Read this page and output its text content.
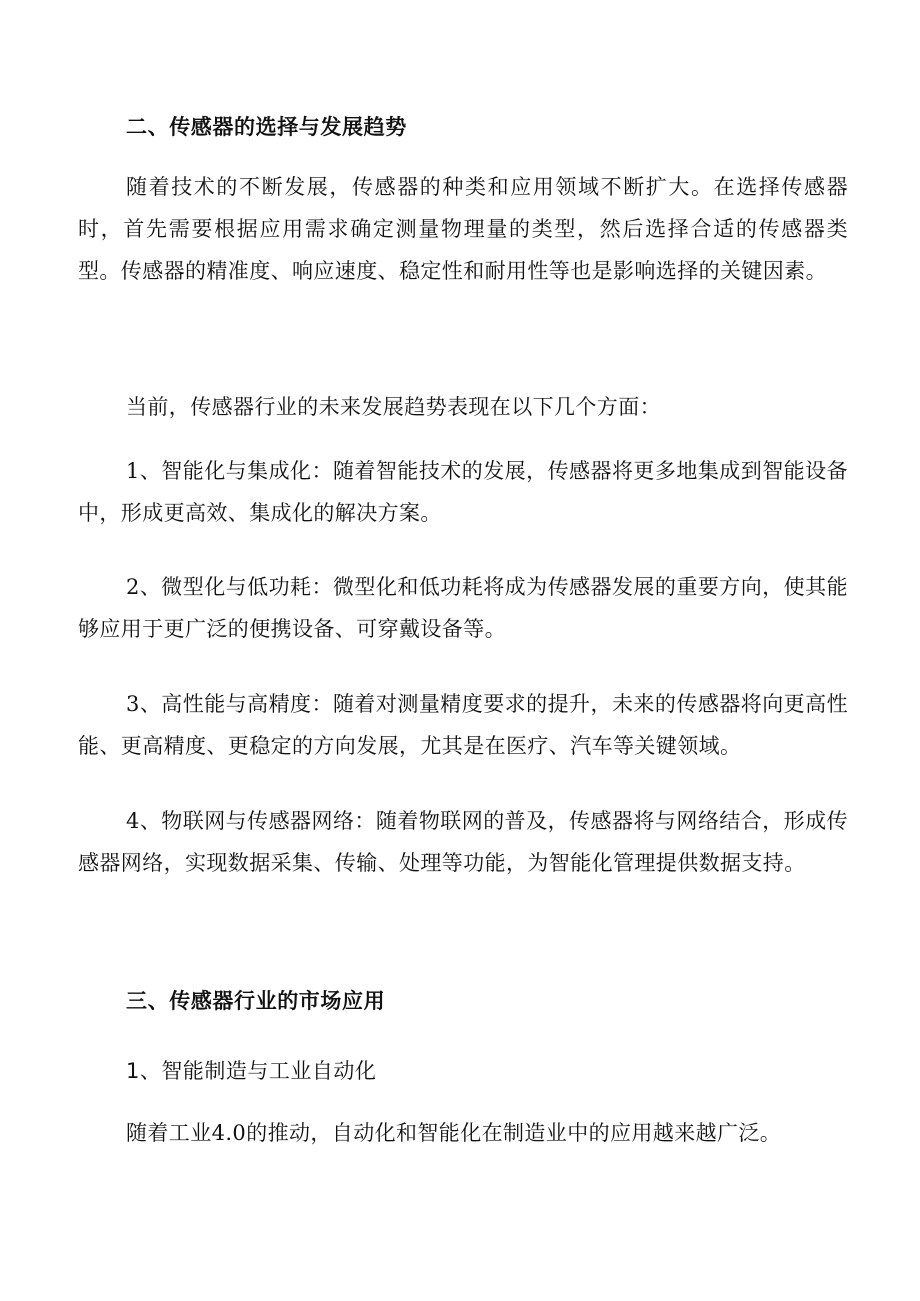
二、传感器的选择与发展趋势

随着技术的不断发展，传感器的种类和应用领域不断扩大。在选择传感器时，首先需要根据应用需求确定测量物理量的类型，然后选择合适的传感器类型。传感器的精准度、响应速度、稳定性和耐用性等也是影响选择的关键因素。

当前，传感器行业的未来发展趋势表现在以下几个方面：

1、智能化与集成化：随着智能技术的发展，传感器将更多地集成到智能设备中，形成更高效、集成化的解决方案。

2、微型化与低功耗：微型化和低功耗将成为传感器发展的重要方向，使其能够应用于更广泛的便携设备、可穿戴设备等。

3、高性能与高精度：随着对测量精度要求的提升，未来的传感器将向更高性能、更高精度、更稳定的方向发展，尤其是在医疗、汽车等关键领域。

4、物联网与传感器网络：随着物联网的普及，传感器将与网络结合，形成传感器网络，实现数据采集、传输、处理等功能，为智能化管理提供数据支持。

三、传感器行业的市场应用
1、智能制造与工业自动化

随着工业4.0的推动，自动化和智能化在制造业中的应用越来越广泛。
